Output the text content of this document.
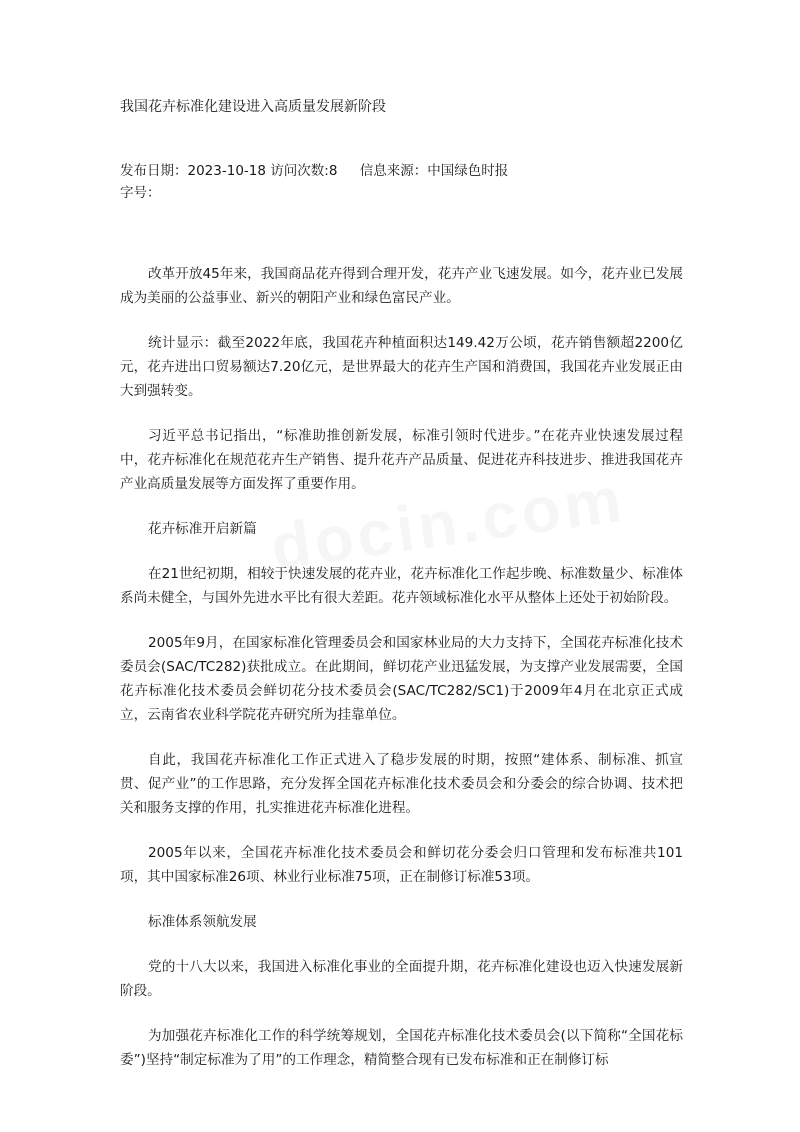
我国花卉标准化建设进入高质量发展新阶段
发布日期：2023-10-18 访问次数:8 信息来源：中国绿色时报
字号：

改革开放45年来，我国商品花卉得到合理开发，花卉产业飞速发展。如今，花卉业已发展成为美丽的公益事业、新兴的朝阳产业和绿色富民产业。

统计显示：截至2022年底，我国花卉种植面积达149.42万公顷，花卉销售额超2200亿元，花卉进出口贸易额达7.20亿元，是世界最大的花卉生产国和消费国，我国花卉业发展正由大到强转变。

习近平总书记指出，“标准助推创新发展，标准引领时代进步。”在花卉业快速发展过程中，花卉标准化在规范花卉生产销售、提升花卉产品质量、促进花卉科技进步、推进我国花卉产业高质量发展等方面发挥了重要作用。

花卉标准开启新篇

在21世纪初期，相较于快速发展的花卉业，花卉标准化工作起步晚、标准数量少、标准体系尚未健全，与国外先进水平比有很大差距。花卉领域标准化水平从整体上还处于初始阶段。

2005年9月，在国家标准化管理委员会和国家林业局的大力支持下，全国花卉标准化技术委员会(SAC/TC282)获批成立。在此期间，鲜切花产业迅猛发展，为支撑产业发展需要，全国花卉标准化技术委员会鲜切花分技术委员会(SAC/TC282/SC1)于2009年4月在北京正式成立，云南省农业科学院花卉研究所为挂靠单位。

自此，我国花卉标准化工作正式进入了稳步发展的时期，按照“建体系、制标准、抓宣贯、促产业”的工作思路，充分发挥全国花卉标准化技术委员会和分委会的综合协调、技术把关和服务支撑的作用，扎实推进花卉标准化进程。

2005年以来，全国花卉标准化技术委员会和鲜切花分委会归口管理和发布标准共101项，其中国家标准26项、林业行业标准75项，正在制修订标准53项。

标准体系领航发展

党的十八大以来，我国进入标准化事业的全面提升期，花卉标准化建设也迈入快速发展新阶段。

为加强花卉标准化工作的科学统筹规划，全国花卉标准化技术委员会(以下简称“全国花标委”)坚持“制定标准为了用”的工作理念，精简整合现有已发布标准和正在制修订标
